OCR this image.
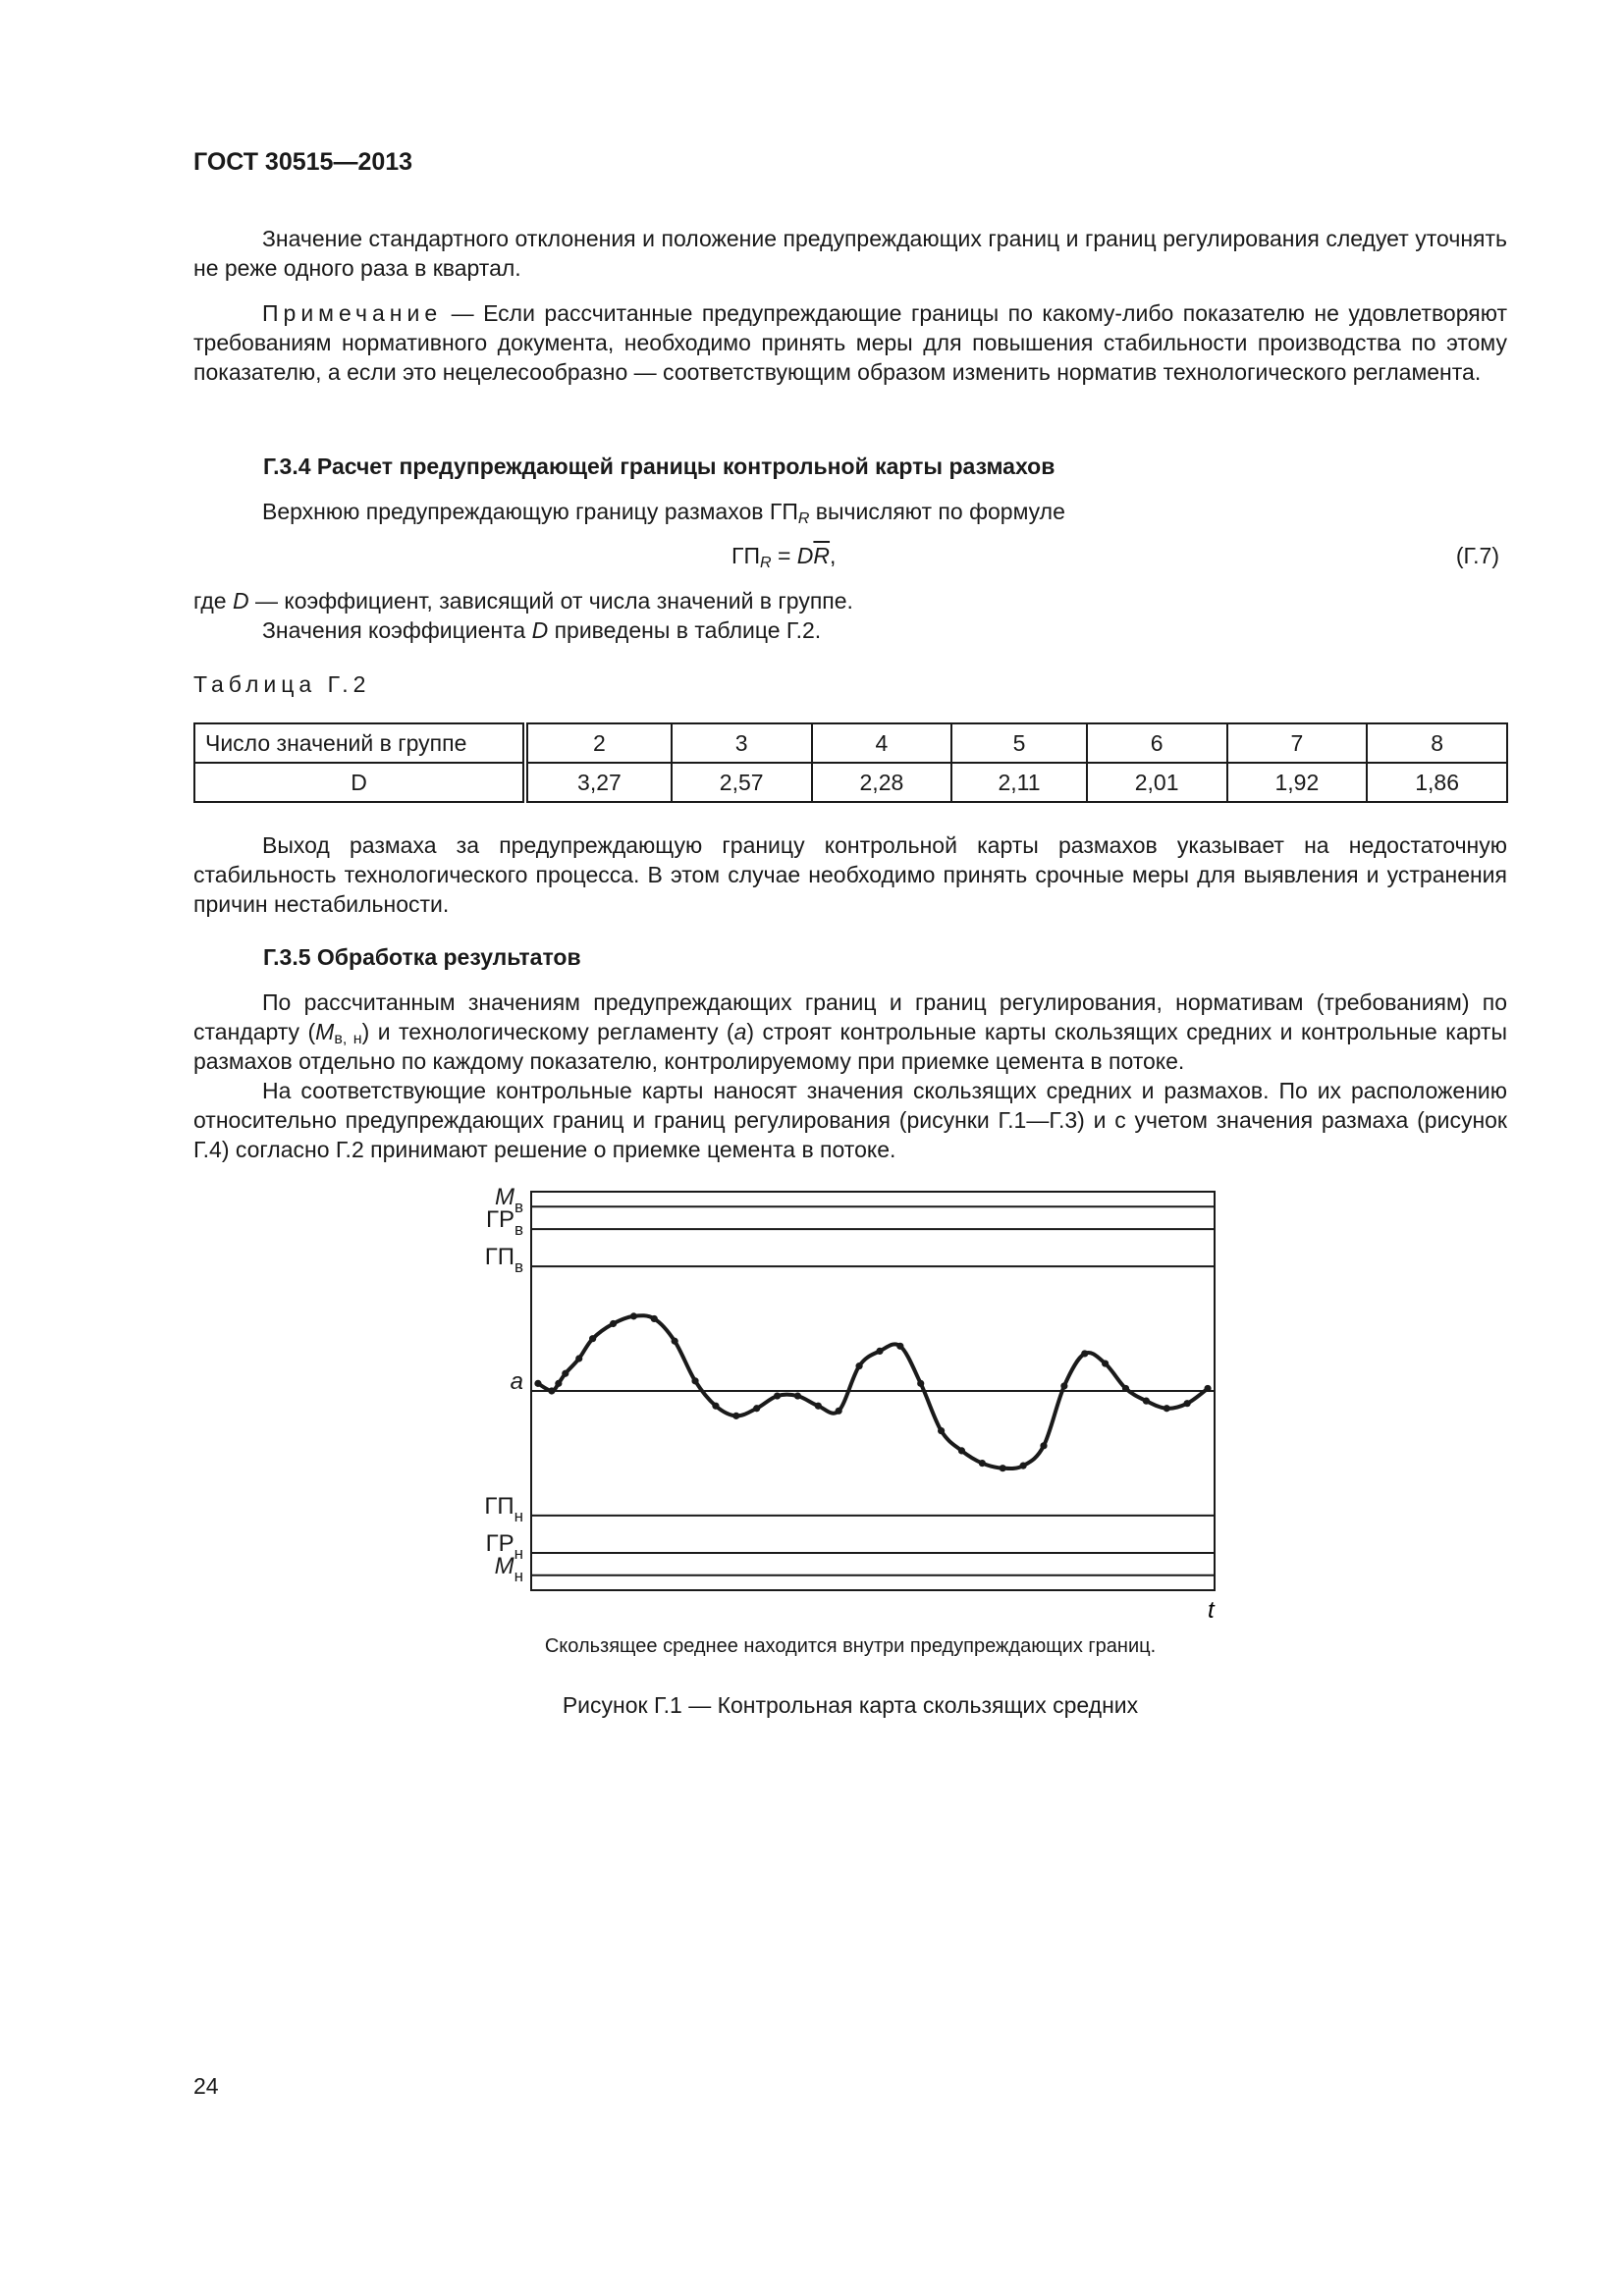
ГОСТ 30515—2013
Значение стандартного отклонения и положение предупреждающих границ и границ регулирования следует уточнять не реже одного раза в квартал.
Примечание — Если рассчитанные предупреждающие границы по какому-либо показателю не удовлетворяют требованиям нормативного документа, необходимо принять меры для повышения стабильности производства по этому показателю, а если это нецелесообразно — соответствующим образом изменить норматив технологического регламента.
Г.3.4 Расчет предупреждающей границы контрольной карты размахов
Верхнюю предупреждающую границу размахов $ГП_R$ вычисляют по формуле
$ГП_R = D\overline{R}$,	(Г.7)
где D — коэффициент, зависящий от числа значений в группе.
Значения коэффициента D приведены в таблице Г.2.
Таблица Г.2
Число значений в группе	2	3	4	5	6	7	8
D	3,27	2,57	2,28	2,11	2,01	1,92	1,86
Выход размаха за предупреждающую границу контрольной карты размахов указывает на недостаточную стабильность технологического процесса. В этом случае необходимо принять срочные меры для выявления и устранения причин нестабильности.
Г.3.5 Обработка результатов
По рассчитанным значениям предупреждающих границ и границ регулирования, нормативам (требованиям) по стандарту $(M_{в, н})$ и технологическому регламенту (a) строят контрольные карты скользящих средних и контрольные карты размахов отдельно по каждому показателю, контролируемому при приемке цемента в потоке.
На соответствующие контрольные карты наносят значения скользящих средних и размахов. По их расположению относительно предупреждающих границ и границ регулирования (рисунки Г.1—Г.3) и с учетом значения размаха (рисунок Г.4) согласно Г.2 принимают решение о приемке цемента в потоке.
$M_в$
$ГР_в$
$ГП_в$
a
$ГП_н$
$ГР_н$
$M_н$
t
Скользящее среднее находится внутри предупреждающих границ.
Рисунок Г.1 — Контрольная карта скользящих средних
24
